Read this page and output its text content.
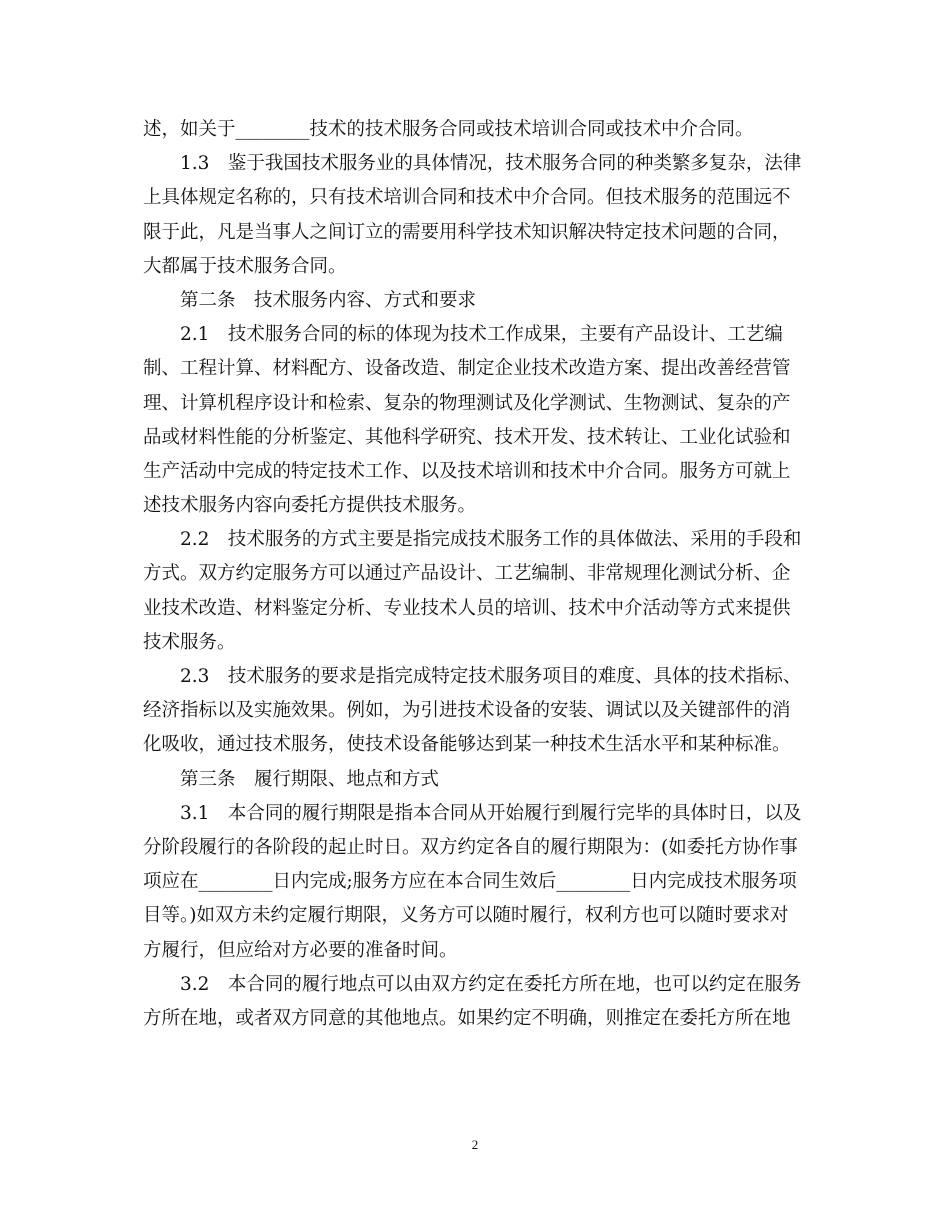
述，如关于________技术的技术服务合同或技术培训合同或技术中介合同。
1.3　鉴于我国技术服务业的具体情况，技术服务合同的种类繁多复杂，法律
上具体规定名称的，只有技术培训合同和技术中介合同。但技术服务的范围远不
限于此，凡是当事人之间订立的需要用科学技术知识解决特定技术问题的合同，
大都属于技术服务合同。
第二条　技术服务内容、方式和要求
2.1　技术服务合同的标的体现为技术工作成果，主要有产品设计、工艺编
制、工程计算、材料配方、设备改造、制定企业技术改造方案、提出改善经营管
理、计算机程序设计和检索、复杂的物理测试及化学测试、生物测试、复杂的产
品或材料性能的分析鉴定、其他科学研究、技术开发、技术转让、工业化试验和
生产活动中完成的特定技术工作、以及技术培训和技术中介合同。服务方可就上
述技术服务内容向委托方提供技术服务。
2.2　技术服务的方式主要是指完成技术服务工作的具体做法、采用的手段和
方式。双方约定服务方可以通过产品设计、工艺编制、非常规理化测试分析、企
业技术改造、材料鉴定分析、专业技术人员的培训、技术中介活动等方式来提供
技术服务。
2.3　技术服务的要求是指完成特定技术服务项目的难度、具体的技术指标、
经济指标以及实施效果。例如，为引进技术设备的安装、调试以及关键部件的消
化吸收，通过技术服务，使技术设备能够达到某一种技术生活水平和某种标准。
第三条　履行期限、地点和方式
3.1　本合同的履行期限是指本合同从开始履行到履行完毕的具体时日，以及
分阶段履行的各阶段的起止时日。双方约定各自的履行期限为：(如委托方协作事
项应在________日内完成;服务方应在本合同生效后________日内完成技术服务项
目等。)如双方未约定履行期限，义务方可以随时履行，权利方也可以随时要求对
方履行，但应给对方必要的准备时间。
3.2　本合同的履行地点可以由双方约定在委托方所在地，也可以约定在服务
方所在地，或者双方同意的其他地点。如果约定不明确，则推定在委托方所在地
2
